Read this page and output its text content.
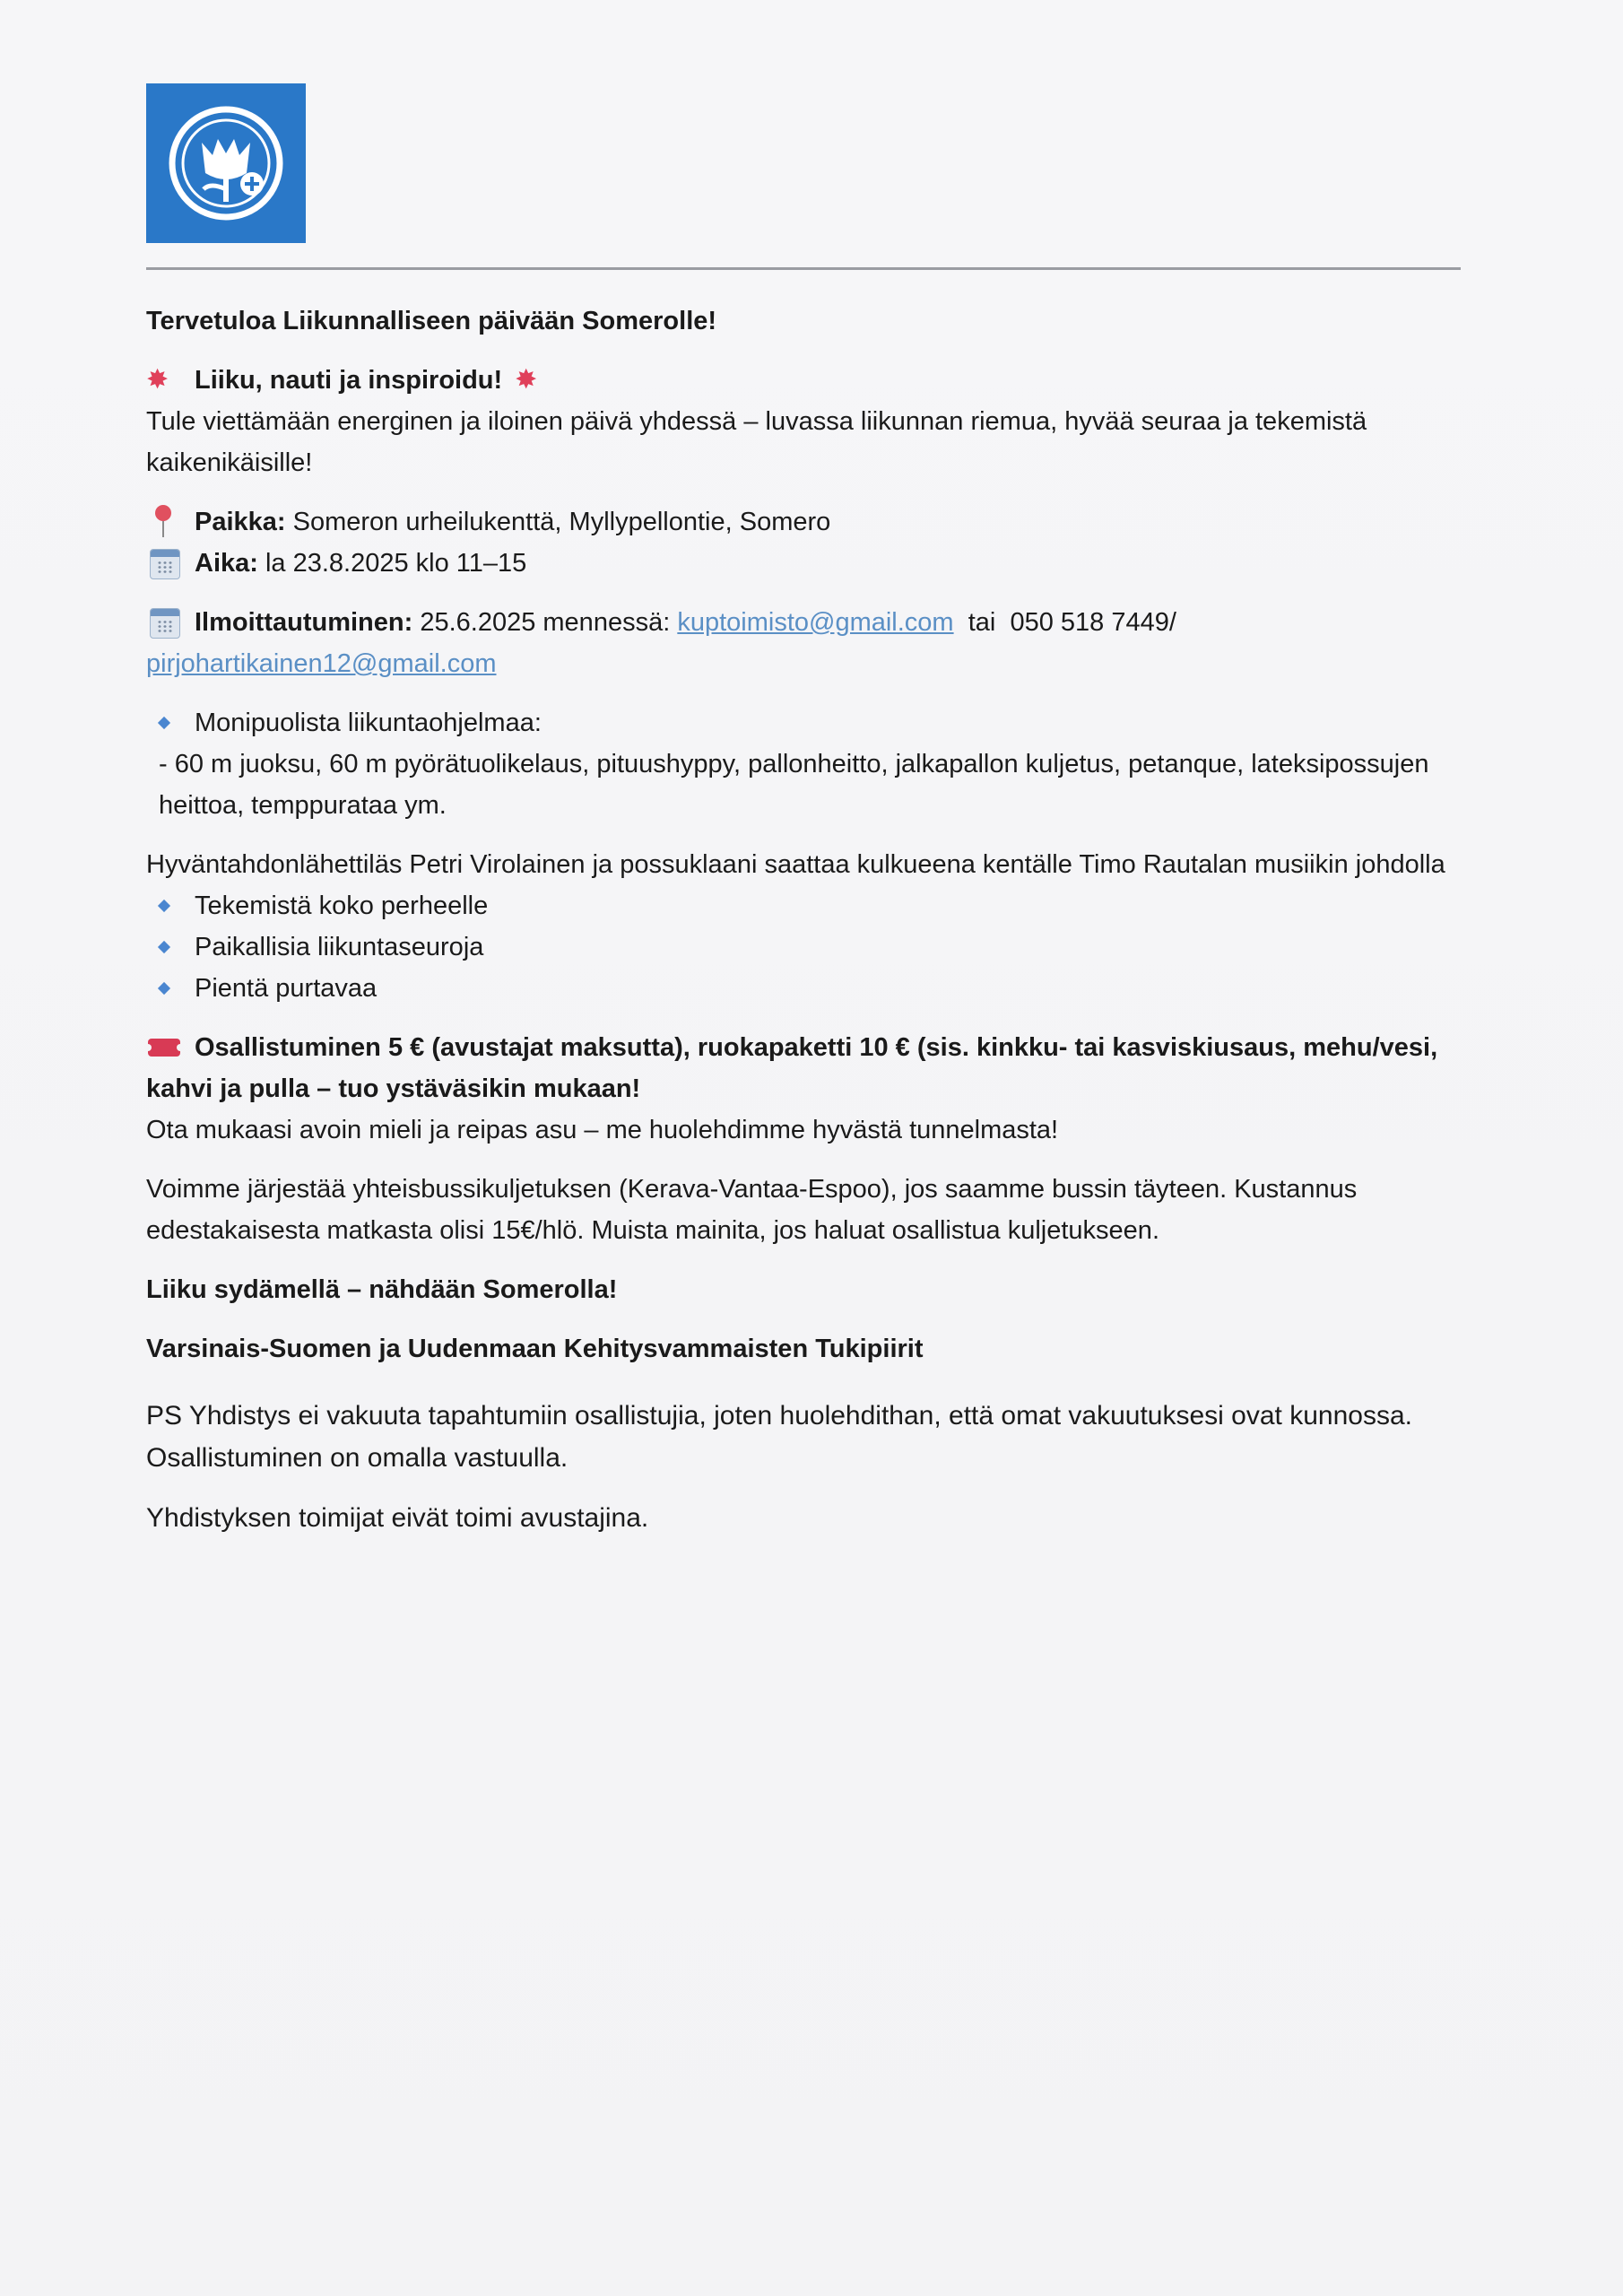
Tervetuloa Liikunnalliseen päivään Somerolle!

✸ Liiku, nauti ja inspiroidu! ✸

Tule viettämään energinen ja iloinen päivä yhdessä – luvassa liikunnan riemua, hyvää seuraa ja tekemistä kaikenikäisille!

Paikka: Someron urheilukenttä, Myllypellontie, Somero
Aika: la 23.8.2025 klo 11–15
Ilmoittautuminen: 25.6.2025 mennessä: kuptoimisto@gmail.com tai 050 518 7449/

pirjohartikainen12@gmail.com

Monipuolista liikuntaohjelmaa:

- 60 m juoksu, 60 m pyörätuolikelaus, pituushyppy, pallonheitto, jalkapallon kuljetus, petanque, lateksipossujen heittoa, temppurataa ym.

Hyväntahdonlähettiläs Petri Virolainen ja possuklaani saattaa kulkueena kentälle Timo Rautalan musiikin johdolla

Tekemistä koko perheelle
Paikallisia liikuntaseuroja
Pientä purtavaa

Osallistuminen 5 € (avustajat maksutta), ruokapaketti 10 € (sis. kinkku- tai kasviskiusaus, mehu/vesi, kahvi ja pulla – tuo ystäväsikin mukaan!

Ota mukaasi avoin mieli ja reipas asu – me huolehdimme hyvästä tunnelmasta!

Voimme järjestää yhteisbussikuljetuksen (Kerava-Vantaa-Espoo), jos saamme bussin täyteen. Kustannus edestakaisesta matkasta olisi 15€/hlö. Muista mainita, jos haluat osallistua kuljetukseen.

Liiku sydämellä – nähdään Somerolla!

Varsinais-Suomen ja Uudenmaan Kehitysvammaisten Tukipiirit

PS Yhdistys ei vakuuta tapahtumiin osallistujia, joten huolehdithan, että omat vakuutuksesi ovat kunnossa. Osallistuminen on omalla vastuulla.

Yhdistyksen toimijat eivät toimi avustajina.
